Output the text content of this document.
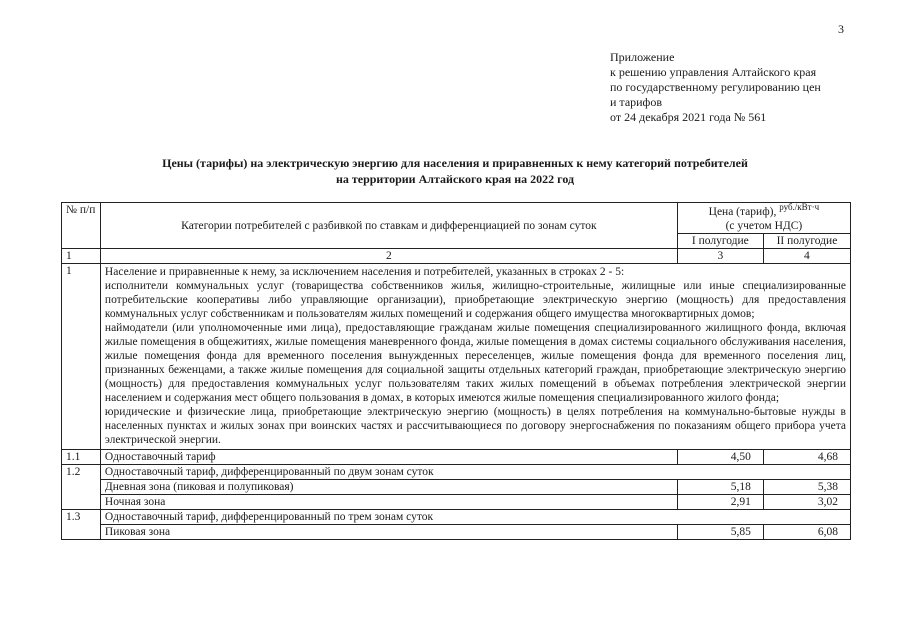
3
Приложение
к решению управления Алтайского края
по государственному регулированию цен
и тарифов
от 24 декабря 2021 года № 561
Цены (тарифы) на электрическую энергию для населения и приравненных к нему категорий потребителей
на территории Алтайского края на 2022 год
№ п/п	Категории потребителей с разбивкой по ставкам и дифференциацией по зонам суток	Цена (тариф), $^{руб./кВт\cdot ч}$
(с учетом НДС)	
		I полугодие	II полугодие
1	2	3	4
1	Население и приравненные к нему, за исключением населения и потребителей, указанных в строках 2 - 5:

исполнители коммунальных услуг (товарищества собственников жилья, жилищно-строительные, жилищные или иные специализированные потребительские кооперативы либо управляющие организации), приобретающие электрическую энергию (мощность) для предоставления коммунальных услуг собственникам и пользователям жилых помещений и содержания общего имущества многоквартирных домов;

наймодатели (или уполномоченные ими лица), предоставляющие гражданам жилые помещения специализированного жилищного фонда, включая жилые помещения в общежитиях, жилые помещения маневренного фонда, жилые помещения в домах системы социального обслуживания населения, жилые помещения фонда для временного поселения вынужденных переселенцев, жилые помещения фонда для временного поселения лиц, признанных беженцами, а также жилые помещения для социальной защиты отдельных категорий граждан, приобретающие электрическую энергию (мощность) для предоставления коммунальных услуг пользователям таких жилых помещений в объемах потребления электрической энергии населением и содержания мест общего пользования в домах, в которых имеются жилые помещения специализированного жилого фонда;

юридические и физические лица, приобретающие электрическую энергию (мощность) в целях потребления на коммунально-бытовые нужды в населенных пунктах и жилых зонах при воинских частях и рассчитывающиеся по договору энергоснабжения по показаниям общего прибора учета электрической энергии.		

1.1	Одноставочный тариф	4,50	4,68
1.2	Одноставочный тариф, дифференцированный по двум зонам суток		
	Дневная зона (пиковая и полупиковая)	5,18	5,38
	Ночная зона	2,91	3,02
1.3	Одноставочный тариф, дифференцированный по трем зонам суток		
	Пиковая зона	5,85	6,08
